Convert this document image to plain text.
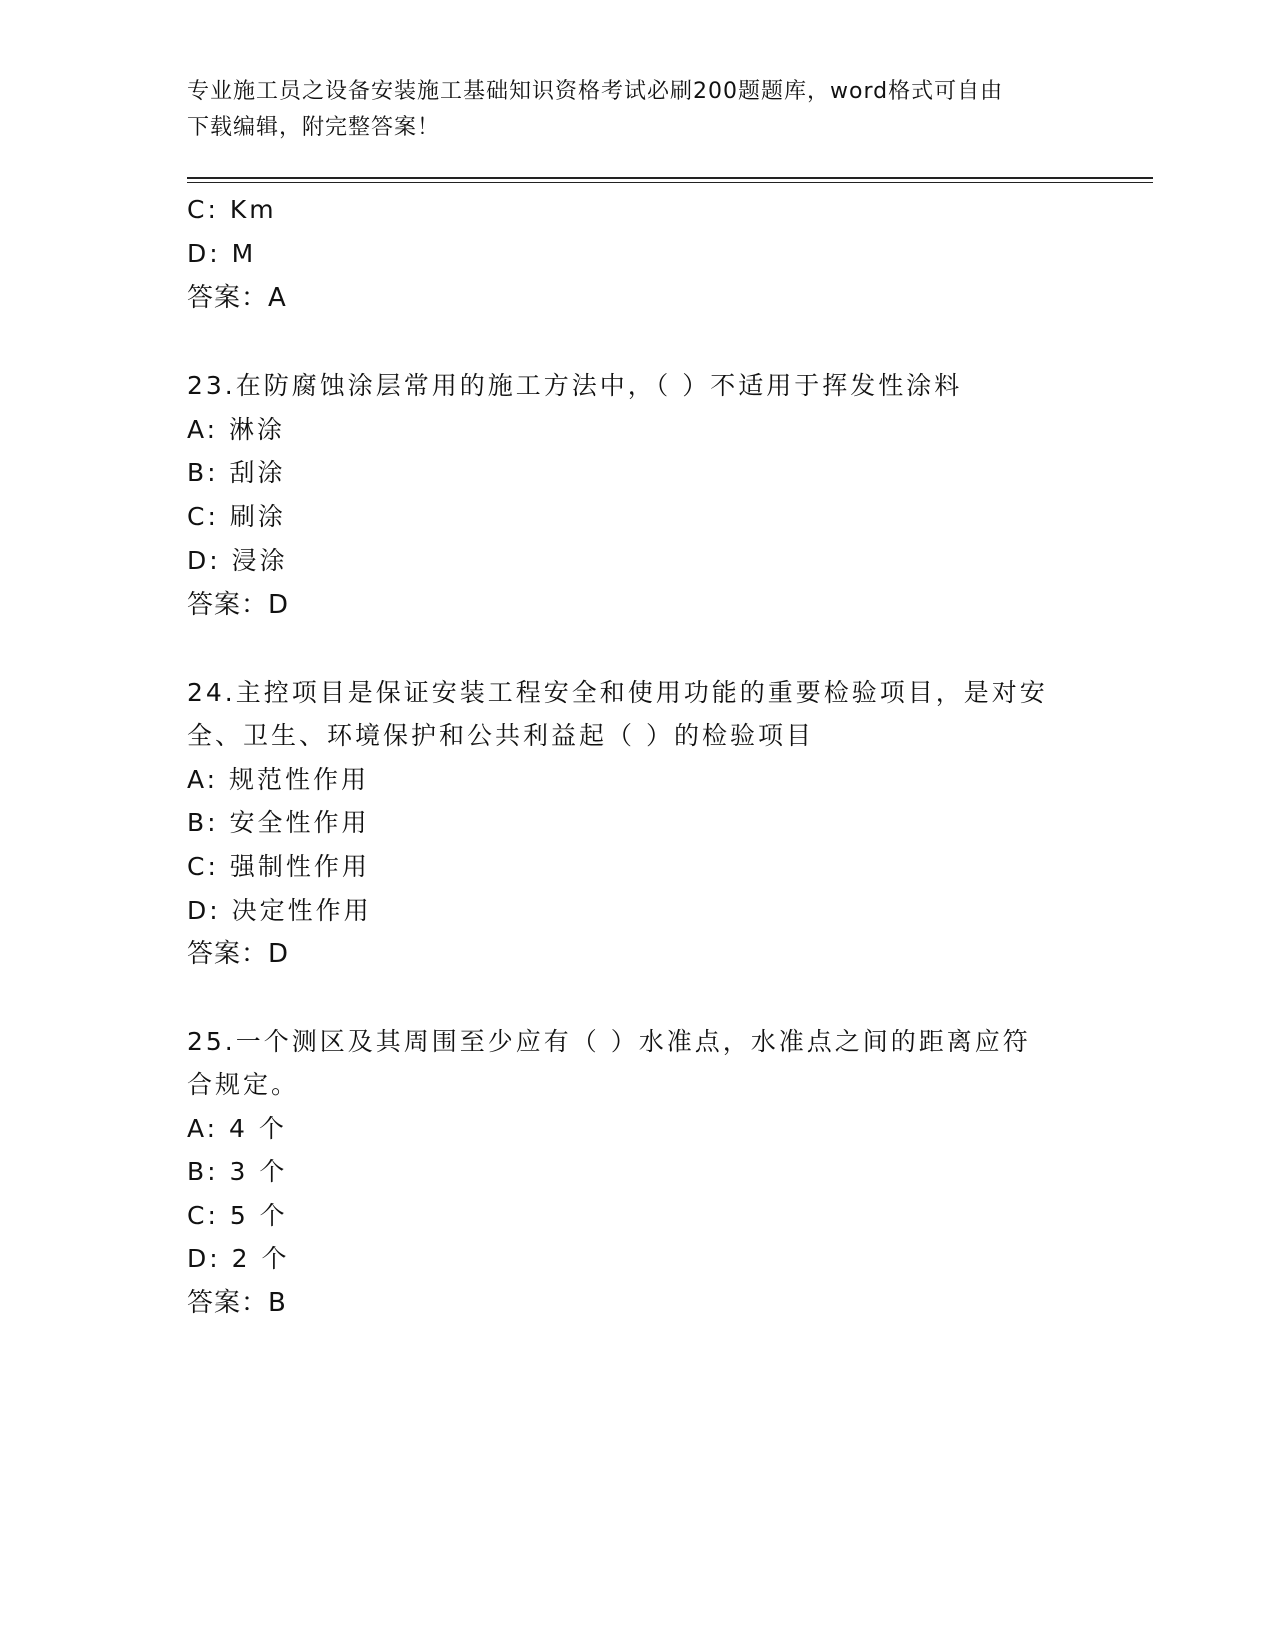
专业施工员之设备安装施工基础知识资格考试必刷200题题库，word格式可自由
下载编辑，附完整答案！
C: Km
D: M
答案：A
23.在防腐蚀涂层常用的施工方法中，（ ）不适用于挥发性涂料
A: 淋涂
B: 刮涂
C: 刷涂
D: 浸涂
答案：D
24.主控项目是保证安装工程安全和使用功能的重要检验项目，是对安
全、卫生、环境保护和公共利益起（ ）的检验项目
A: 规范性作用
B: 安全性作用
C: 强制性作用
D: 决定性作用
答案：D
25.一个测区及其周围至少应有（ ）水准点，水准点之间的距离应符
合规定。
A: 4 个
B: 3 个
C: 5 个
D: 2 个
答案：B
